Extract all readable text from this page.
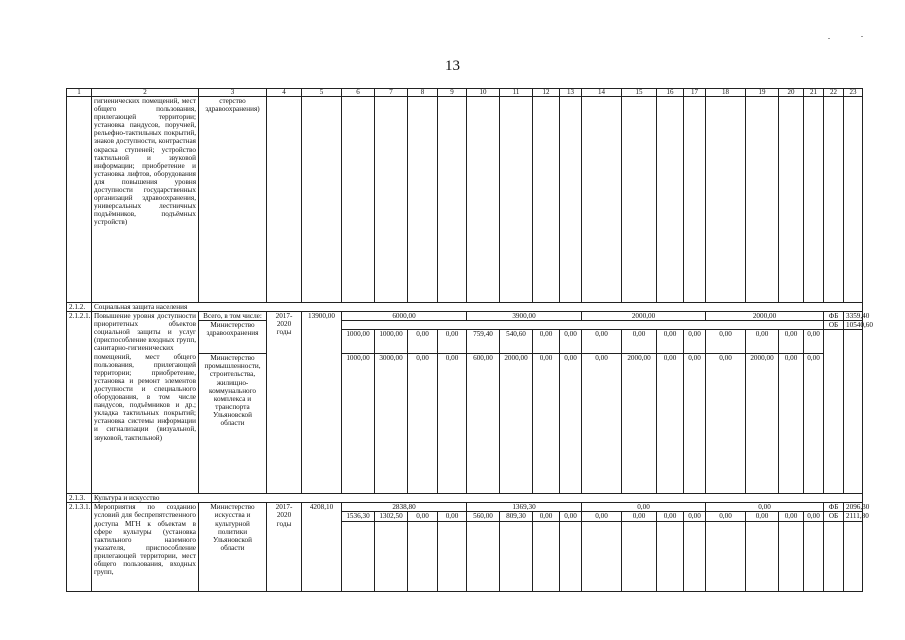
13
1	2	3	4	5	6	7	8	9	10	11	12	13	14	15	16	17	18	19	20	21	22	23
	гигиенических помещений, мест общего пользования, прилегающей территории; установка пандусов, поручней, рельефно-тактильных покрытий, знаков доступности, контрастная окраска ступеней; устройство тактильной и звуковой информации; приобретение и установка лифтов, оборудования для повышения уровня доступности государственных организаций здравоохранения, универсальных лестничных подъёмников, подъёмных устройств)	стерство здравоохранения)																				
2.1.2.	Социальная защита населения																					
2.1.2.1.	Повышение уровня доступности приоритетных объектов социальной защиты и услуг (приспособление входных групп, санитарно-гигиенических помещений, мест общего пользования, прилегающей территории; приобретение, установка и ремонт элементов доступности и специального оборудования, в том числе пандусов, подъёмников и др.; укладка тактильных покрытий; установка системы информации и сигнализации (визуальной, звуковой, тактильной)	Всего, в том числе:	2017-2020 годы	13900,00	6000,00				3900,00				2000,00				2000,00				ФБ	3359,40
		Министерство здравоохранения																			ОБ	10540,60
					1000,00	1000,00	0,00	0,00	759,40	540,60	0,00	0,00	0,00	0,00	0,00	0,00	0,00	0,00	0,00	0,00		
		Министерство промышленности, строительства, жилищно-коммунального комплекса и транспорта Ульяновской области			1000,00	3000,00	0,00	0,00	600,00	2000,00	0,00	0,00	0,00	2000,00	0,00	0,00	0,00	2000,00	0,00	0,00		
2.1.3.	Культура и искусство																					
2.1.3.1.	Мероприятия по созданию условий для беспрепятственного доступа МГН к объектам в сфере культуры (установка тактильного наземного указателя, приспособление прилегающей территории, мест общего пользования, входных групп,	Министерство искусства и культурной политики Ульяновской области	2017-2020 годы	4208,10	2838,80				1369,30				0,00				0,00				ФБ	2096,30
					1536,30	1302,50	0,00	0,00	560,00	809,30	0,00	0,00	0,00	0,00	0,00	0,00	0,00	0,00	0,00	0,00	ОБ	2111,80
